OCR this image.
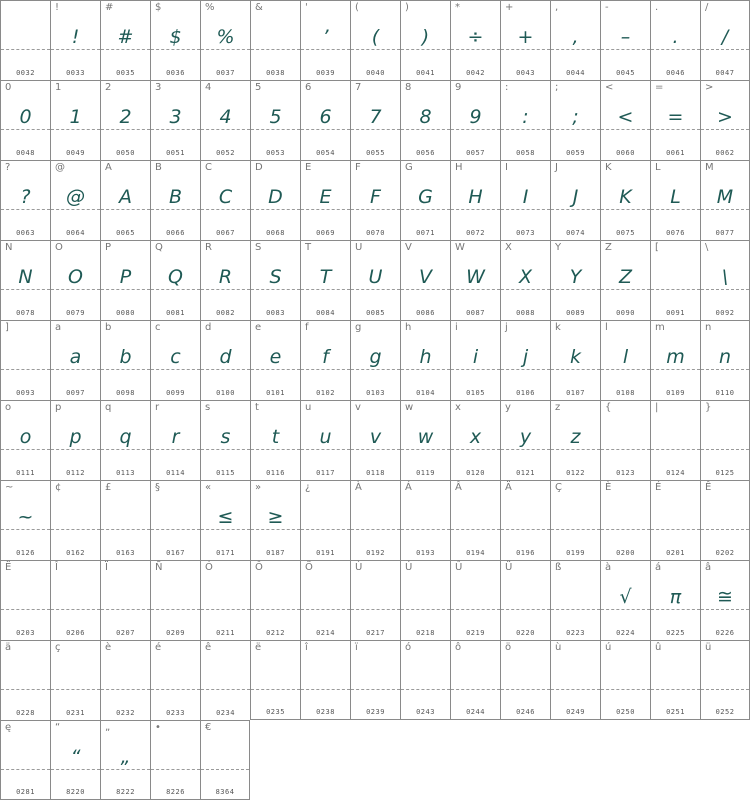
0032
!
!
0033
#
#
0035
$
$
0036
%
%
0037
&
0038
'
’
0039
(
(
0040
)
)
0041
*
÷
0042
+
+
0043
,
,
0044
-
–
0045
.
.
0046
/
/
0047
0
0
0048
1
1
0049
2
2
0050
3
3
0051
4
4
0052
5
5
0053
6
6
0054
7
7
0055
8
8
0056
9
9
0057
:
:
0058
;
;
0059
<
<
0060
=
=
0061
>
>
0062
?
?
0063
@
@
0064
A
A
0065
B
B
0066
C
C
0067
D
D
0068
E
E
0069
F
F
0070
G
G
0071
H
H
0072
I
I
0073
J
J
0074
K
K
0075
L
L
0076
M
M
0077
N
N
0078
O
O
0079
P
P
0080
Q
Q
0081
R
R
0082
S
S
0083
T
T
0084
U
U
0085
V
V
0086
W
W
0087
X
X
0088
Y
Y
0089
Z
Z
0090
[
0091
\
\
0092
]
0093
a
a
0097
b
b
0098
c
c
0099
d
d
0100
e
e
0101
f
f
0102
g
g
0103
h
h
0104
i
i
0105
j
j
0106
k
k
0107
l
l
0108
m
m
0109
n
n
0110
o
o
0111
p
p
0112
q
q
0113
r
r
0114
s
s
0115
t
t
0116
u
u
0117
v
v
0118
w
w
0119
x
x
0120
y
y
0121
z
z
0122
{
0123
|
0124
}
0125
~
~
0126
¢
0162
£
0163
§
0167
«
≤
0171
»
≥
0187
¿
0191
À
0192
Á
0193
Â
0194
Ä
0196
Ç
0199
È
0200
É
0201
Ê
0202
Ë
0203
Î
0206
Ï
0207
Ñ
0209
Ó
0211
Ô
0212
Ö
0214
Ù
0217
Ú
0218
Û
0219
Ü
0220
ß
0223
à
√
0224
á
π
0225
â
≅
0226
ä
0228
ç
0231
è
0232
é
0233
ê
0234
ë
0235
î
0238
ï
0239
ó
0243
ô
0244
ö
0246
ù
0249
ú
0250
û
0251
ü
0252
ę
0281
“
“
8220
„
„
8222
•
8226
€
8364
